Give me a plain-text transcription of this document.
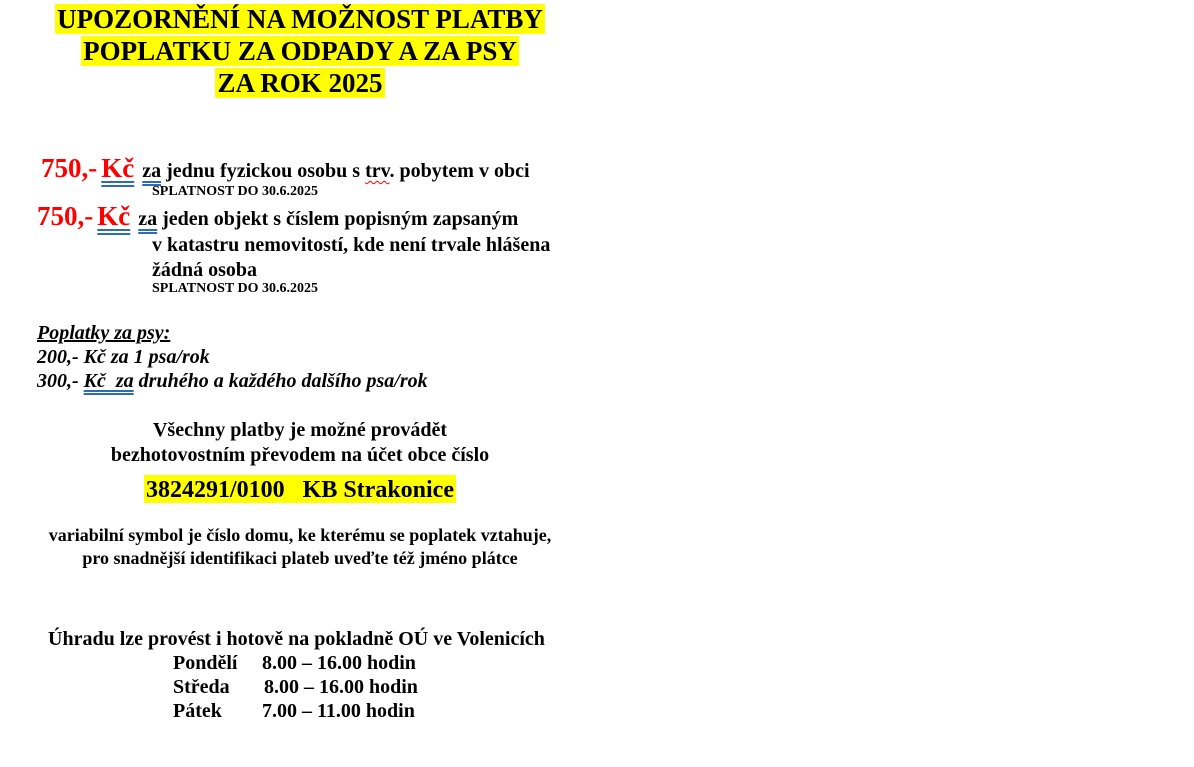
UPOZORNĚNÍ NA MOŽNOST PLATBY
POPLATKU ZA ODPADY A ZA PSY
ZA ROK 2025
750,- Kč za jednu fyzickou osobu s trv. pobytem v obci
SPLATNOST DO 30.6.2025
750,- Kč za jeden objekt s číslem popisným zapsaným
v katastru nemovitostí, kde není trvale hlášena
žádná osoba
SPLATNOST DO 30.6.2025
Poplatky za psy:
200,- Kč za 1 psa/rok
300,- Kč  za druhého a každého dalšího psa/rok
Všechny platby je možné provádět
bezhotovostním převodem na účet obce číslo
3824291/0100   KB Strakonice
variabilní symbol je číslo domu, ke kterému se poplatek vztahuje,
pro snadnější identifikaci plateb uveďte též jméno plátce
Úhradu lze provést i hotově na pokladně OÚ ve Volenicích
Pondělí 8.00 – 16.00 hodin
Středa 8.00 – 16.00 hodin
Pátek 7.00 – 11.00 hodin
